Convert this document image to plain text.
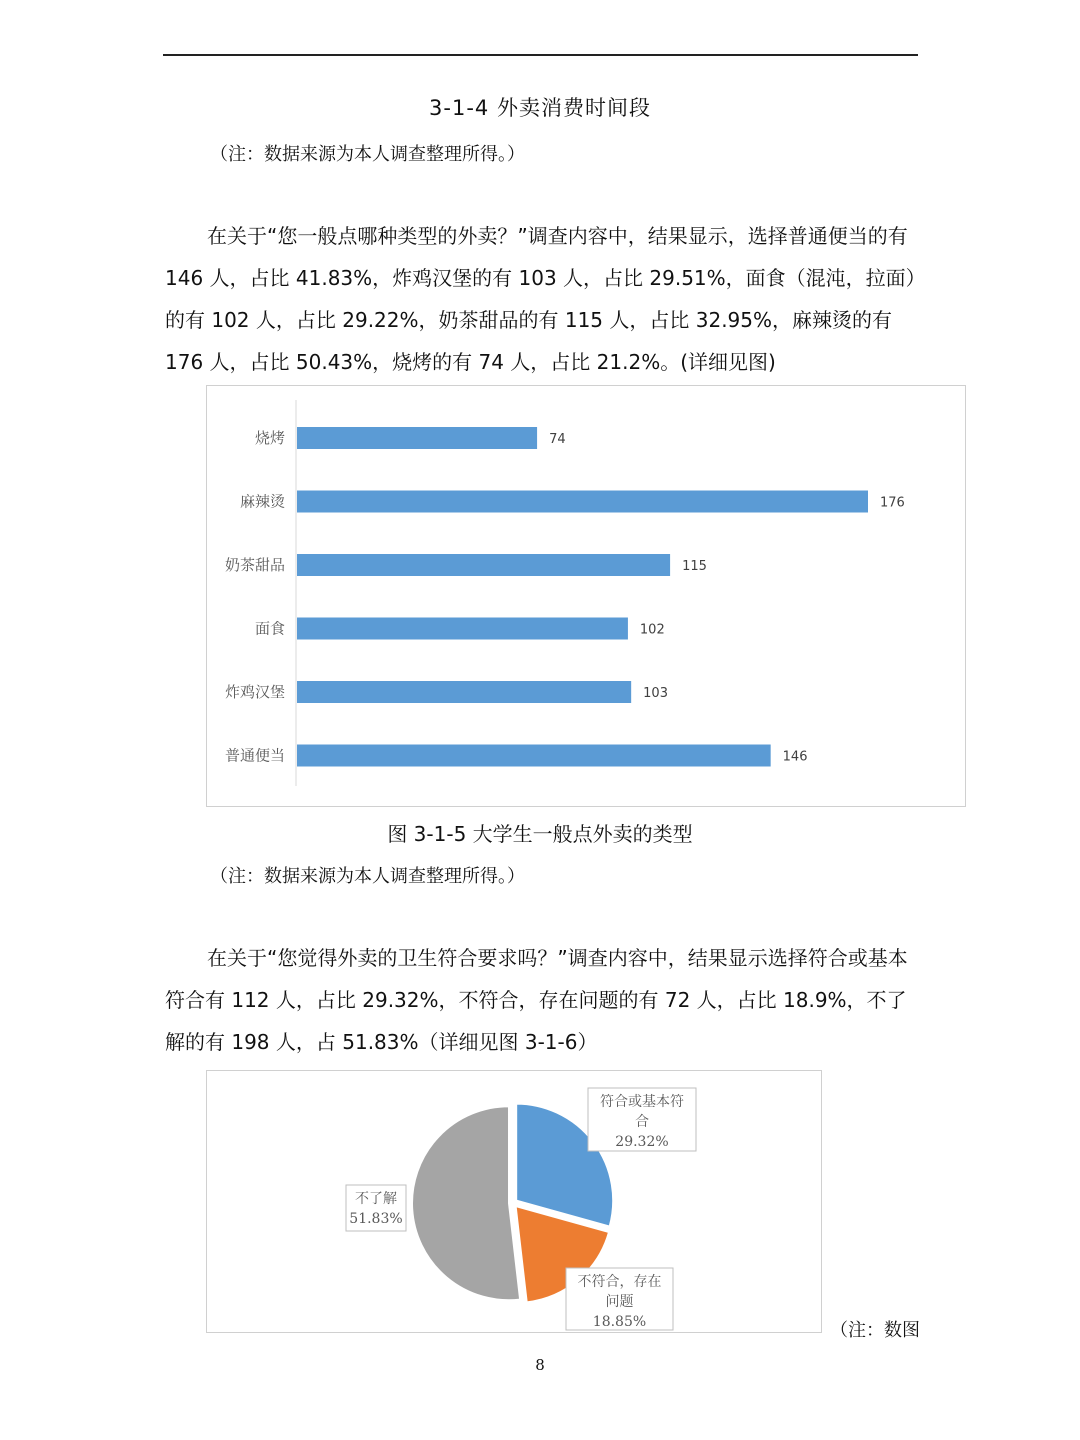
3-1-4 外卖消费时间段
（注：数据来源为本人调查整理所得。）

在关于“您一般点哪种类型的外卖？”调查内容中，结果显示，选择普通便当的有 146 人，占比 41.83%，炸鸡汉堡的有 103 人，占比 29.51%，面食（混沌，拉面）的有 102 人，占比 29.22%，奶茶甜品的有 115 人，占比 32.95%，麻辣烫的有 176 人，占比 50.43%，烧烤的有 74 人，占比 21.2%。(详细见图)

烧烤	74
麻辣烫	176
奶茶甜品	115
面食	102
炸鸡汉堡	103
普通便当	146
图 3-1-5 大学生一般点外卖的类型
（注：数据来源为本人调查整理所得。）

在关于“您觉得外卖的卫生符合要求吗？”调查内容中，结果显示选择符合或基本符合有 112 人，占比 29.32%，不符合，存在问题的有 72 人，占比 18.9%，不了解的有 198 人，占 51.83%（详细见图 3-1-6）

符合或基本符
合
29.32%
不符合，存在
问题
18.85%
不了解
51.83%
（注：数图
8
